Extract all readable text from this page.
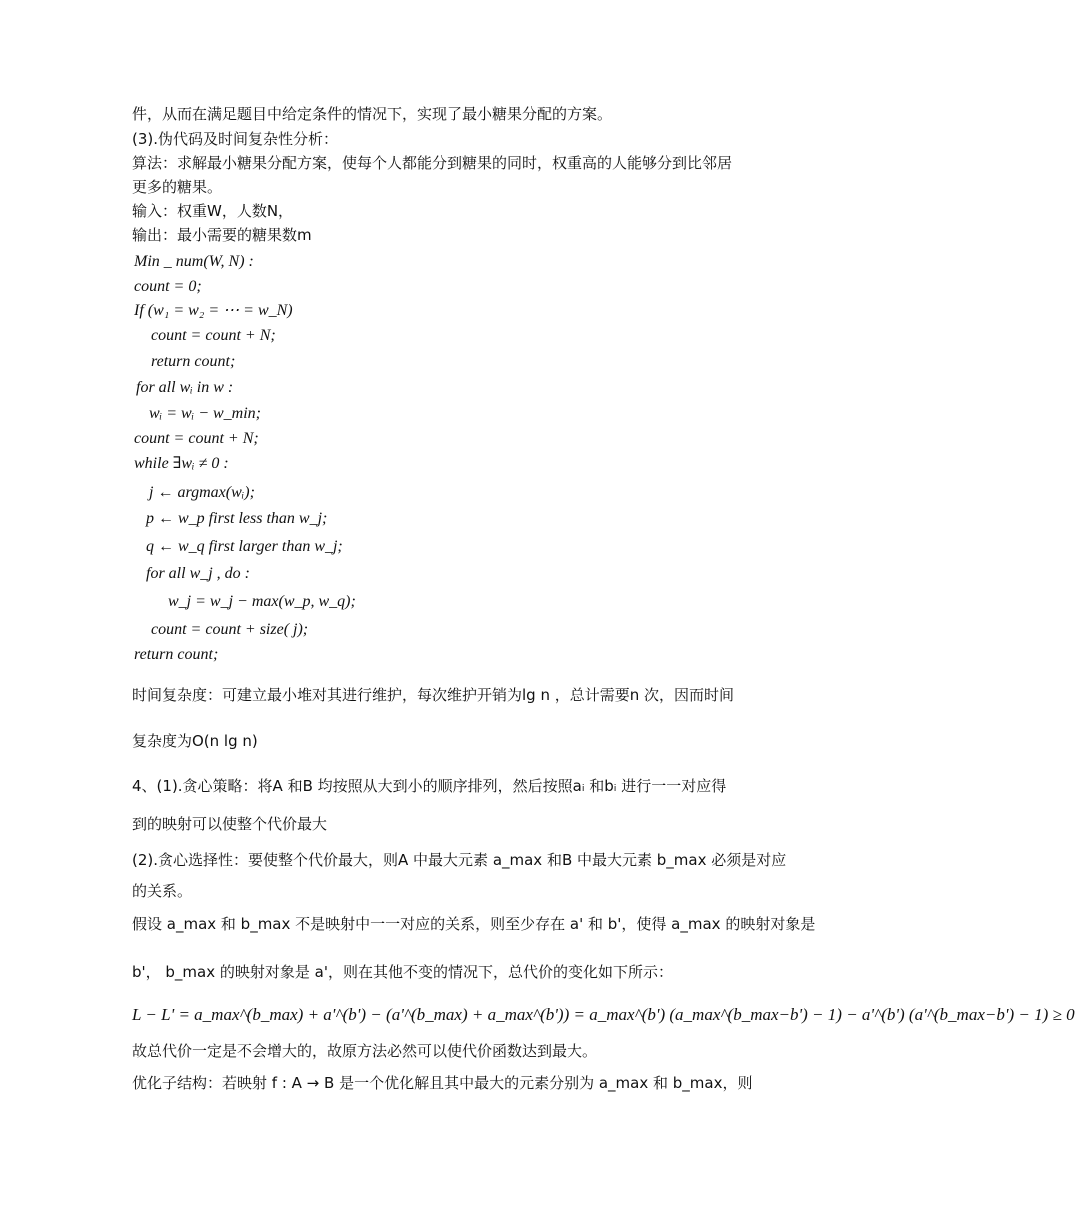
件，从而在满足题目中给定条件的情况下，实现了最小糖果分配的方案。
(3).伪代码及时间复杂性分析：
算法：求解最小糖果分配方案，使每个人都能分到糖果的同时，权重高的人能够分到比邻居
更多的糖果。
输入：权重W，人数N，
输出：最小需要的糖果数m
Min _ num(W, N) :
count = 0;
If (w₁ = w₂ = ⋯ = w_N)
count = count + N;
return count;
for all wᵢ in w :
wᵢ = wᵢ − w_min;
count = count + N;
while ∃wᵢ ≠ 0 :
j ← argmax(wᵢ);
p ← w_p first less than w_j;
q ← w_q first larger than w_j;
for all w_j , do :
w_j = w_j − max(w_p, w_q);
count = count + size( j);
return count;
时间复杂度：可建立最小堆对其进行维护，每次维护开销为lg n ，总计需要n 次，因而时间
复杂度为O(n lg n)
4、(1).贪心策略：将A 和B 均按照从大到小的顺序排列，然后按照aᵢ 和bᵢ 进行一一对应得
到的映射可以使整个代价最大
(2).贪心选择性：要使整个代价最大，则A 中最大元素 a_max 和B 中最大元素 b_max 必须是对应
的关系。
假设 a_max 和 b_max 不是映射中一一对应的关系，则至少存在 a' 和 b'，使得 a_max 的映射对象是
b'， b_max 的映射对象是 a'，则在其他不变的情况下，总代价的变化如下所示：
L − L' = a_max^(b_max) + a'^(b') − (a'^(b_max) + a_max^(b')) = a_max^(b') (a_max^(b_max−b') − 1) − a'^(b') (a'^(b_max−b') − 1) ≥ 0
故总代价一定是不会增大的，故原方法必然可以使代价函数达到最大。
优化子结构：若映射 f : A → B 是一个优化解且其中最大的元素分别为 a_max 和 b_max，则
